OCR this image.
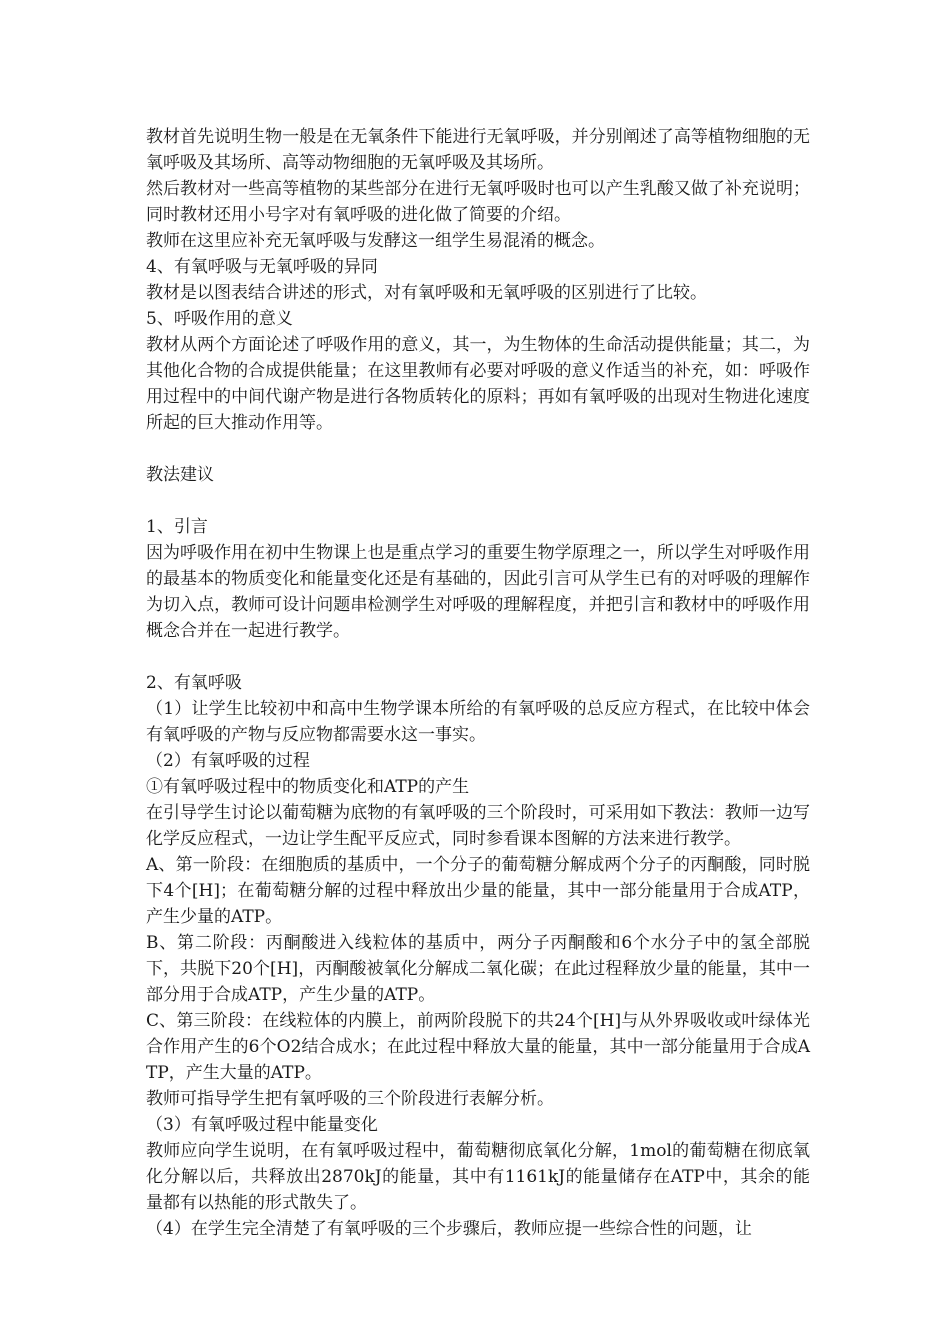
教材首先说明生物一般是在无氧条件下能进行无氧呼吸，并分别阐述了高等植物细胞的无氧呼吸及其场所、高等动物细胞的无氧呼吸及其场所。

然后教材对一些高等植物的某些部分在进行无氧呼吸时也可以产生乳酸又做了补充说明；同时教材还用小号字对有氧呼吸的进化做了简要的介绍。

教师在这里应补充无氧呼吸与发酵这一组学生易混淆的概念。

4、有氧呼吸与无氧呼吸的异同

教材是以图表结合讲述的形式，对有氧呼吸和无氧呼吸的区别进行了比较。

5、呼吸作用的意义

教材从两个方面论述了呼吸作用的意义，其一，为生物体的生命活动提供能量；其二，为其他化合物的合成提供能量；在这里教师有必要对呼吸的意义作适当的补充，如：呼吸作用过程中的中间代谢产物是进行各物质转化的原料；再如有氧呼吸的出现对生物进化速度所起的巨大推动作用等。

教法建议

1、引言

因为呼吸作用在初中生物课上也是重点学习的重要生物学原理之一，所以学生对呼吸作用的最基本的物质变化和能量变化还是有基础的，因此引言可从学生已有的对呼吸的理解作为切入点，教师可设计问题串检测学生对呼吸的理解程度，并把引言和教材中的呼吸作用概念合并在一起进行教学。

2、有氧呼吸

（1）让学生比较初中和高中生物学课本所给的有氧呼吸的总反应方程式，在比较中体会有氧呼吸的产物与反应物都需要水这一事实。

（2）有氧呼吸的过程

①有氧呼吸过程中的物质变化和ATP的产生

在引导学生讨论以葡萄糖为底物的有氧呼吸的三个阶段时，可采用如下教法：教师一边写化学反应程式，一边让学生配平反应式，同时参看课本图解的方法来进行教学。

A、第一阶段：在细胞质的基质中，一个分子的葡萄糖分解成两个分子的丙酮酸，同时脱下4个[H]；在葡萄糖分解的过程中释放出少量的能量，其中一部分能量用于合成ATP，产生少量的ATP。

B、第二阶段：丙酮酸进入线粒体的基质中，两分子丙酮酸和6个水分子中的氢全部脱下，共脱下20个[H]，丙酮酸被氧化分解成二氧化碳；在此过程释放少量的能量，其中一部分用于合成ATP，产生少量的ATP。

C、第三阶段：在线粒体的内膜上，前两阶段脱下的共24个[H]与从外界吸收或叶绿体光合作用产生的6个O2结合成水；在此过程中释放大量的能量，其中一部分能量用于合成ATP，产生大量的ATP。

教师可指导学生把有氧呼吸的三个阶段进行表解分析。

（3）有氧呼吸过程中能量变化

教师应向学生说明，在有氧呼吸过程中，葡萄糖彻底氧化分解，1mol的葡萄糖在彻底氧化分解以后，共释放出2870kJ的能量，其中有1161kJ的能量储存在ATP中，其余的能量都有以热能的形式散失了。

（4）在学生完全清楚了有氧呼吸的三个步骤后，教师应提一些综合性的问题，让
